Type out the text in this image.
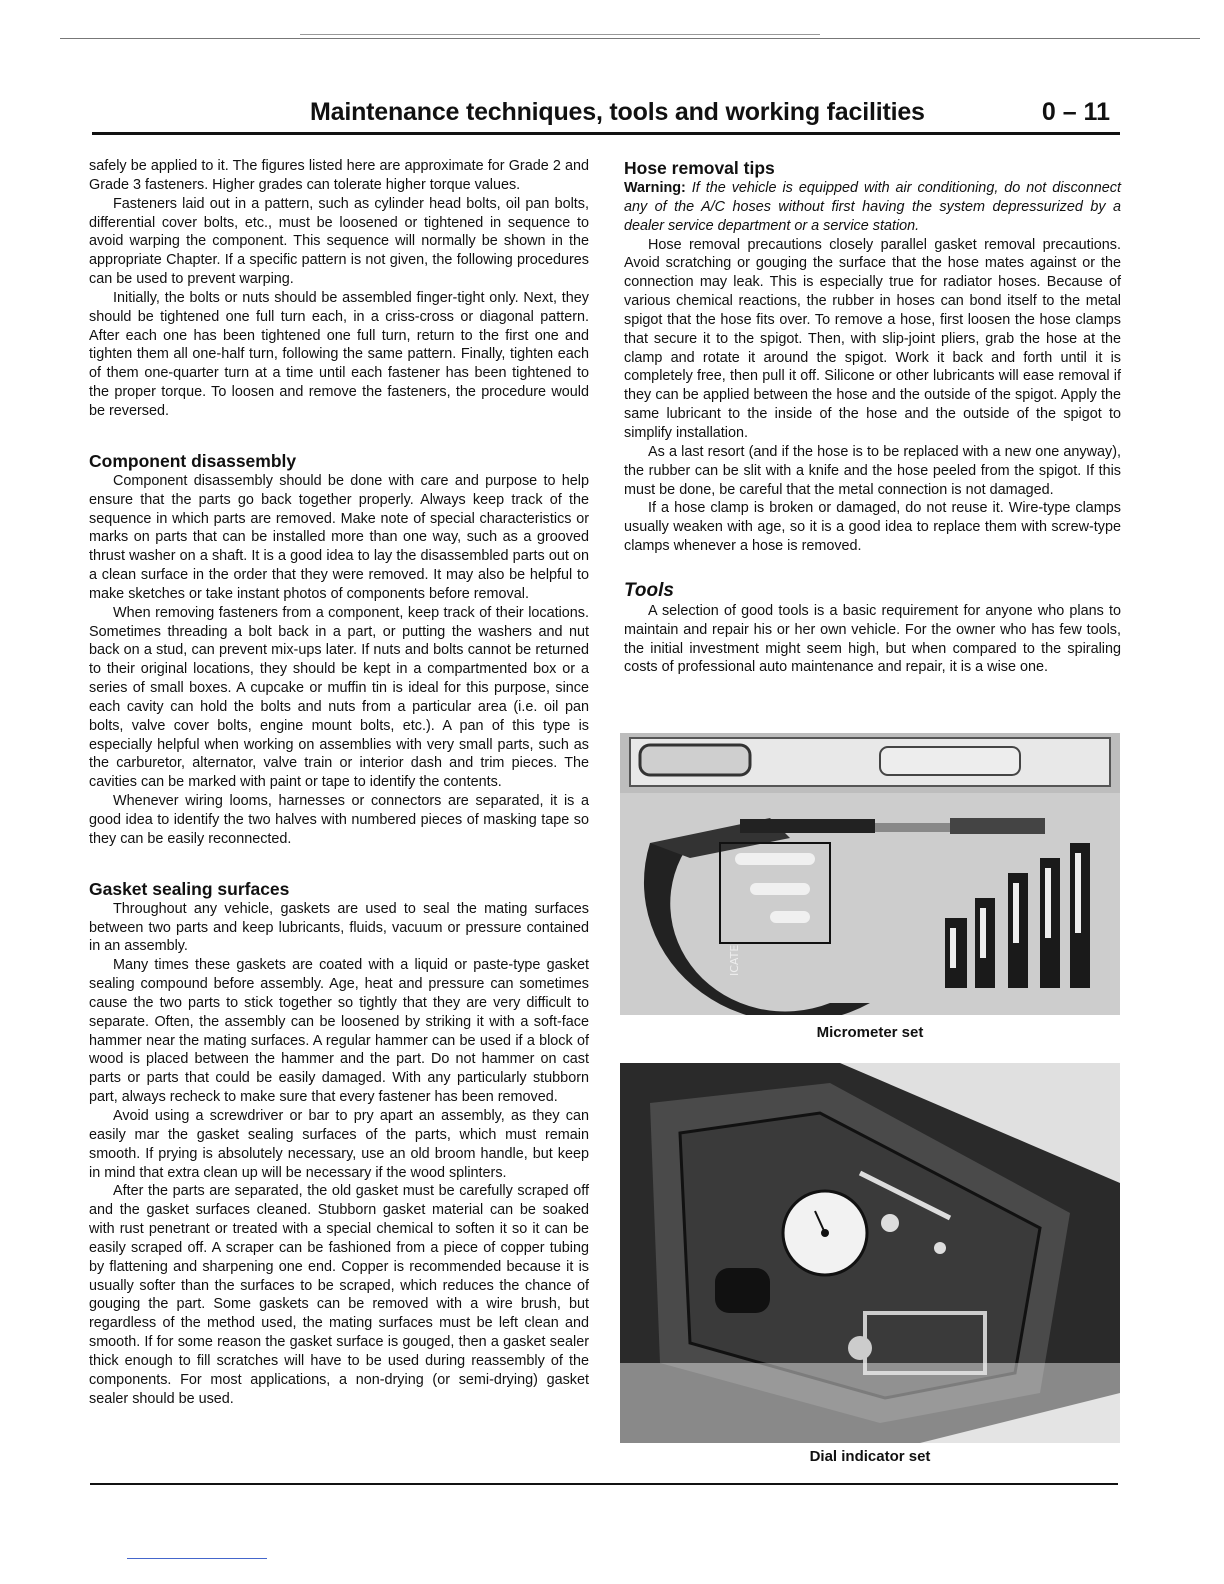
Maintenance techniques, tools and working facilities	0 – 11

safely be applied to it. The figures listed here are approximate for Grade 2 and Grade 3 fasteners. Higher grades can tolerate higher torque values.

Fasteners laid out in a pattern, such as cylinder head bolts, oil pan bolts, differential cover bolts, etc., must be loosened or tightened in sequence to avoid warping the component. This sequence will normally be shown in the appropriate Chapter. If a specific pattern is not given, the following procedures can be used to prevent warping.

Initially, the bolts or nuts should be assembled finger-tight only. Next, they should be tightened one full turn each, in a criss-cross or diagonal pattern. After each one has been tightened one full turn, return to the first one and tighten them all one-half turn, following the same pattern. Finally, tighten each of them one-quarter turn at a time until each fastener has been tightened to the proper torque. To loosen and remove the fasteners, the procedure would be reversed.

Component disassembly

Component disassembly should be done with care and purpose to help ensure that the parts go back together properly. Always keep track of the sequence in which parts are removed. Make note of special characteristics or marks on parts that can be installed more than one way, such as a grooved thrust washer on a shaft. It is a good idea to lay the disassembled parts out on a clean surface in the order that they were removed. It may also be helpful to make sketches or take instant photos of components before removal.

When removing fasteners from a component, keep track of their locations. Sometimes threading a bolt back in a part, or putting the washers and nut back on a stud, can prevent mix-ups later. If nuts and bolts cannot be returned to their original locations, they should be kept in a compartmented box or a series of small boxes. A cupcake or muffin tin is ideal for this purpose, since each cavity can hold the bolts and nuts from a particular area (i.e. oil pan bolts, valve cover bolts, engine mount bolts, etc.). A pan of this type is especially helpful when working on assemblies with very small parts, such as the carburetor, alternator, valve train or interior dash and trim pieces. The cavities can be marked with paint or tape to identify the contents.

Whenever wiring looms, harnesses or connectors are separated, it is a good idea to identify the two halves with numbered pieces of masking tape so they can be easily reconnected.

Gasket sealing surfaces

Throughout any vehicle, gaskets are used to seal the mating surfaces between two parts and keep lubricants, fluids, vacuum or pressure contained in an assembly.

Many times these gaskets are coated with a liquid or paste-type gasket sealing compound before assembly. Age, heat and pressure can sometimes cause the two parts to stick together so tightly that they are very difficult to separate. Often, the assembly can be loosened by striking it with a soft-face hammer near the mating surfaces. A regular hammer can be used if a block of wood is placed between the hammer and the part. Do not hammer on cast parts or parts that could be easily damaged. With any particularly stubborn part, always recheck to make sure that every fastener has been removed.

Avoid using a screwdriver or bar to pry apart an assembly, as they can easily mar the gasket sealing surfaces of the parts, which must remain smooth. If prying is absolutely necessary, use an old broom handle, but keep in mind that extra clean up will be necessary if the wood splinters.

After the parts are separated, the old gasket must be carefully scraped off and the gasket surfaces cleaned. Stubborn gasket material can be soaked with rust penetrant or treated with a special chemical to soften it so it can be easily scraped off. A scraper can be fashioned from a piece of copper tubing by flattening and sharpening one end. Copper is recommended because it is usually softer than the surfaces to be scraped, which reduces the chance of gouging the part. Some gaskets can be removed with a wire brush, but regardless of the method used, the mating surfaces must be left clean and smooth. If for some reason the gasket surface is gouged, then a gasket sealer thick enough to fill scratches will have to be used during reassembly of the components. For most applications, a non-drying (or semi-drying) gasket sealer should be used.

Hose removal tips

Warning: If the vehicle is equipped with air conditioning, do not disconnect any of the A/C hoses without first having the system depressurized by a dealer service department or a service station.

Hose removal precautions closely parallel gasket removal precautions. Avoid scratching or gouging the surface that the hose mates against or the connection may leak. This is especially true for radiator hoses. Because of various chemical reactions, the rubber in hoses can bond itself to the metal spigot that the hose fits over. To remove a hose, first loosen the hose clamps that secure it to the spigot. Then, with slip-joint pliers, grab the hose at the clamp and rotate it around the spigot. Work it back and forth until it is completely free, then pull it off. Silicone or other lubricants will ease removal if they can be applied between the hose and the outside of the spigot. Apply the same lubricant to the inside of the hose and the outside of the spigot to simplify installation.

As a last resort (and if the hose is to be replaced with a new one anyway), the rubber can be slit with a knife and the hose peeled from the spigot. If this must be done, be careful that the metal connection is not damaged.

If a hose clamp is broken or damaged, do not reuse it. Wire-type clamps usually weaken with age, so it is a good idea to replace them with screw-type clamps whenever a hose is removed.

Tools

A selection of good tools is a basic requirement for anyone who plans to maintain and repair his or her own vehicle. For the owner who has few tools, the initial investment might seem high, but when compared to the spiraling costs of professional auto maintenance and repair, it is a wise one.

ICATE
Micrometer set
Dial indicator set
